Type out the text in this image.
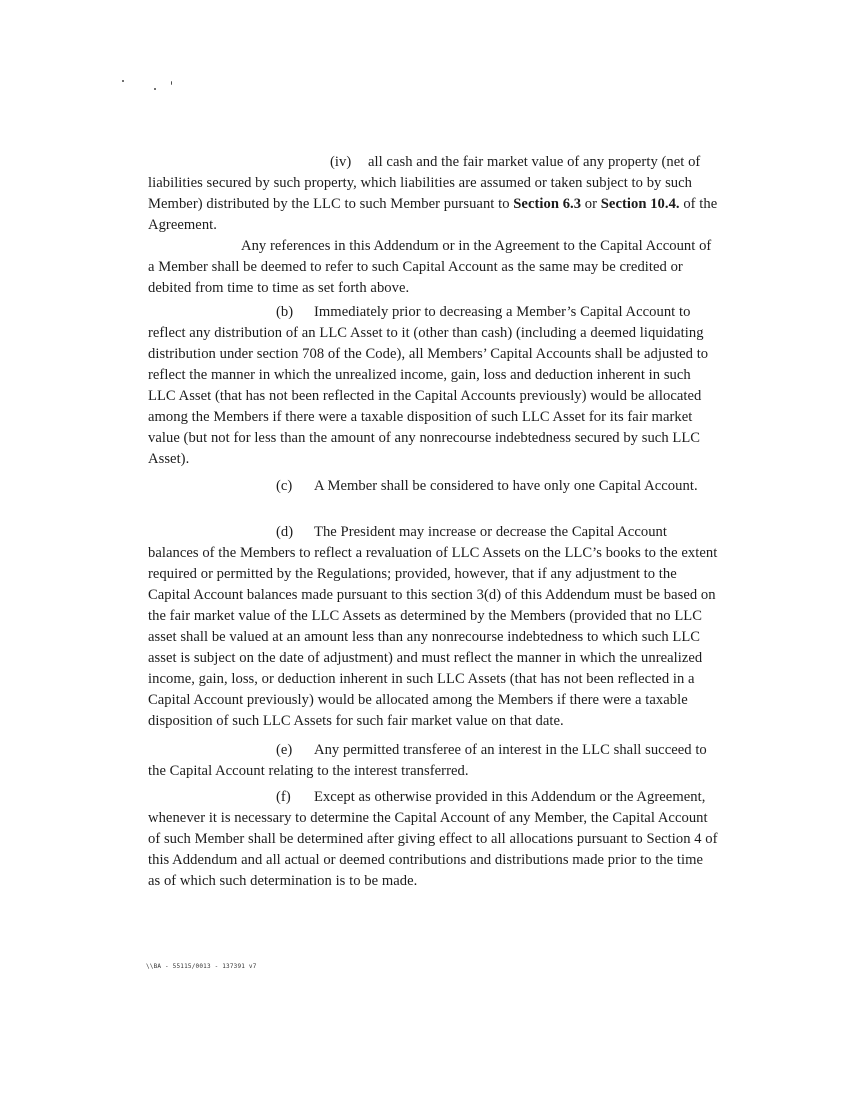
(iv) all cash and the fair market value of any property (net of liabilities secured by such property, which liabilities are assumed or taken subject to by such Member) distributed by the LLC to such Member pursuant to Section 6.3 or Section 10.4. of the Agreement.

Any references in this Addendum or in the Agreement to the Capital Account of a Member shall be deemed to refer to such Capital Account as the same may be credited or debited from time to time as set forth above.

(b) Immediately prior to decreasing a Member’s Capital Account to reflect any distribution of an LLC Asset to it (other than cash) (including a deemed liquidating distribution under section 708 of the Code), all Members’ Capital Accounts shall be adjusted to reflect the manner in which the unrealized income, gain, loss and deduction inherent in such LLC Asset (that has not been reflected in the Capital Accounts previously) would be allocated among the Members if there were a taxable disposition of such LLC Asset for its fair market value (but not for less than the amount of any nonrecourse indebtedness secured by such LLC Asset).

(c) A Member shall be considered to have only one Capital Account.

(d) The President may increase or decrease the Capital Account balances of the Members to reflect a revaluation of LLC Assets on the LLC’s books to the extent required or permitted by the Regulations; provided, however, that if any adjustment to the Capital Account balances made pursuant to this section 3(d) of this Addendum must be based on the fair market value of the LLC Assets as determined by the Members (provided that no LLC asset shall be valued at an amount less than any nonrecourse indebtedness to which such LLC asset is subject on the date of adjustment) and must reflect the manner in which the unrealized income, gain, loss, or deduction inherent in such LLC Assets (that has not been reflected in a Capital Account previously) would be allocated among the Members if there were a taxable disposition of such LLC Assets for such fair market value on that date.

(e) Any permitted transferee of an interest in the LLC shall succeed to the Capital Account relating to the interest transferred.

(f) Except as otherwise provided in this Addendum or the Agreement, whenever it is necessary to determine the Capital Account of any Member, the Capital Account of such Member shall be determined after giving effect to all allocations pursuant to Section 4 of this Addendum and all actual or deemed contributions and distributions made prior to the time as of which such determination is to be made.

\\BA - 55115/0013 - 137391 v7
